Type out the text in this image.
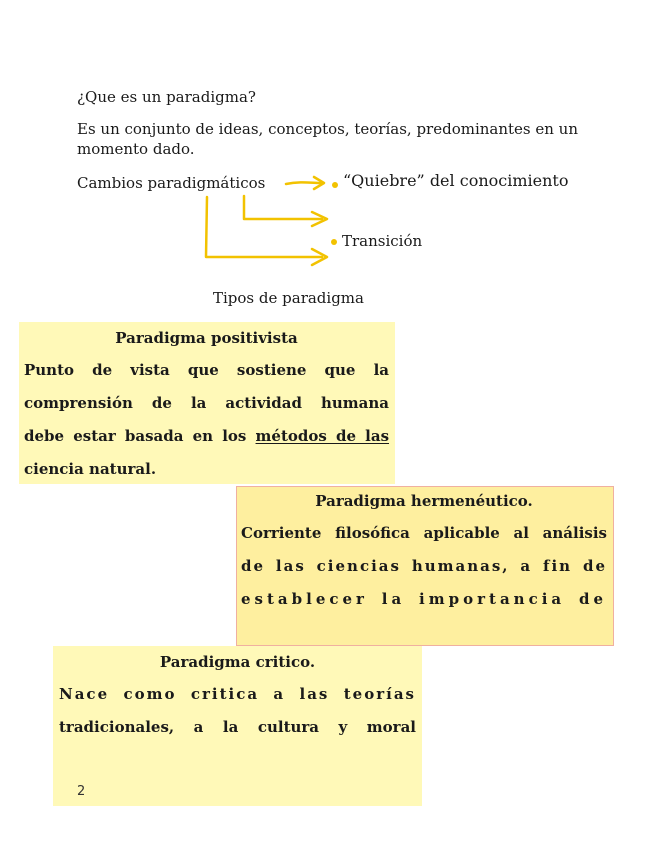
¿Que es un paradigma?
Es un conjunto de ideas, conceptos, teorías, predominantes en un momento dado.
Cambios paradigmáticos	“Quiebre” del conocimiento
Transición
Tipos de paradigma
Paradigma positivista
Punto de vista que sostiene que la
comprensión de la actividad humana
debe estar basada en los métodos de las
ciencia natural.
Paradigma hermenéutico.
Corriente filosófica aplicable al análisis
de las ciencias humanas, a fin de
establecer la importancia de
Paradigma critico.
Nace como critica a las teorías
tradicionales, a la cultura y moral
2
